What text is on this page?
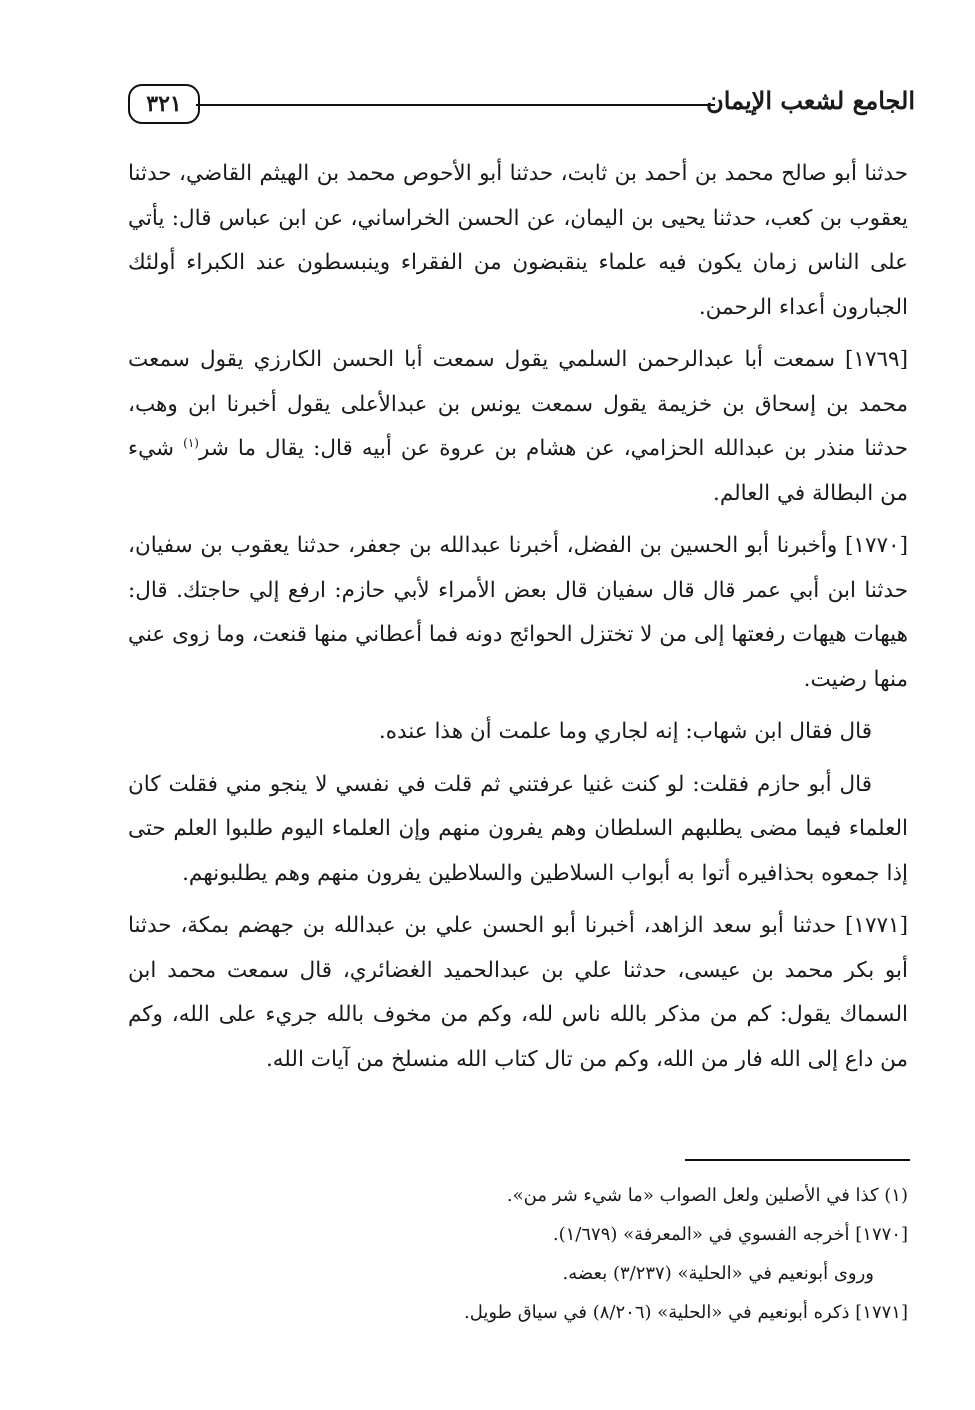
٣٢١	الجامع لشعب الإيمان

حدثنا أبو صالح محمد بن أحمد بن ثابت، حدثنا أبو الأحوص محمد بن الهيثم القاضي، حدثنا يعقوب بن كعب، حدثنا يحيى بن اليمان، عن الحسن الخراساني، عن ابن عباس قال: يأتي على الناس زمان يكون فيه علماء ينقبضون من الفقراء وينبسطون عند الكبراء أولئك الجبارون أعداء الرحمن.

[١٧٦٩] سمعت أبا عبدالرحمن السلمي يقول سمعت أبا الحسن الكارزي يقول سمعت محمد بن إسحاق بن خزيمة يقول سمعت يونس بن عبدالأعلى يقول أخبرنا ابن وهب، حدثنا منذر بن عبدالله الحزامي، عن هشام بن عروة عن أبيه قال: يقال ما شر$^{(١)}$ شيء من البطالة في العالم.

[١٧٧٠] وأخبرنا أبو الحسين بن الفضل، أخبرنا عبدالله بن جعفر، حدثنا يعقوب بن سفيان، حدثنا ابن أبي عمر قال قال سفيان قال بعض الأمراء لأبي حازم: ارفع إلي حاجتك. قال: هيهات هيهات رفعتها إلى من لا تختزل الحوائج دونه فما أعطاني منها قنعت، وما زوى عني منها رضيت.

قال فقال ابن شهاب: إنه لجاري وما علمت أن هذا عنده.

قال أبو حازم فقلت: لو كنت غنيا عرفتني ثم قلت في نفسي لا ينجو مني فقلت كان العلماء فيما مضى يطلبهم السلطان وهم يفرون منهم وإن العلماء اليوم طلبوا العلم حتى إذا جمعوه بحذافيره أتوا به أبواب السلاطين والسلاطين يفرون منهم وهم يطلبونهم.

[١٧٧١] حدثنا أبو سعد الزاهد، أخبرنا أبو الحسن علي بن عبدالله بن جهضم بمكة، حدثنا أبو بكر محمد بن عيسى، حدثنا علي بن عبدالحميد الغضائري، قال سمعت محمد ابن السماك يقول: كم من مذكر بالله ناس لله، وكم من مخوف بالله جريء على الله، وكم من داع إلى الله فار من الله، وكم من تال كتاب الله منسلخ من آيات الله.

(١) كذا في الأصلين ولعل الصواب «ما شيء شر من».

[١٧٧٠] أخرجه الفسوي في «المعرفة» (١/٦٧٩).

وروى أبونعيم في «الحلية» (٣/٢٣٧) بعضه.

[١٧٧١] ذكره أبونعيم في «الحلية» (٨/٢٠٦) في سياق طويل.
